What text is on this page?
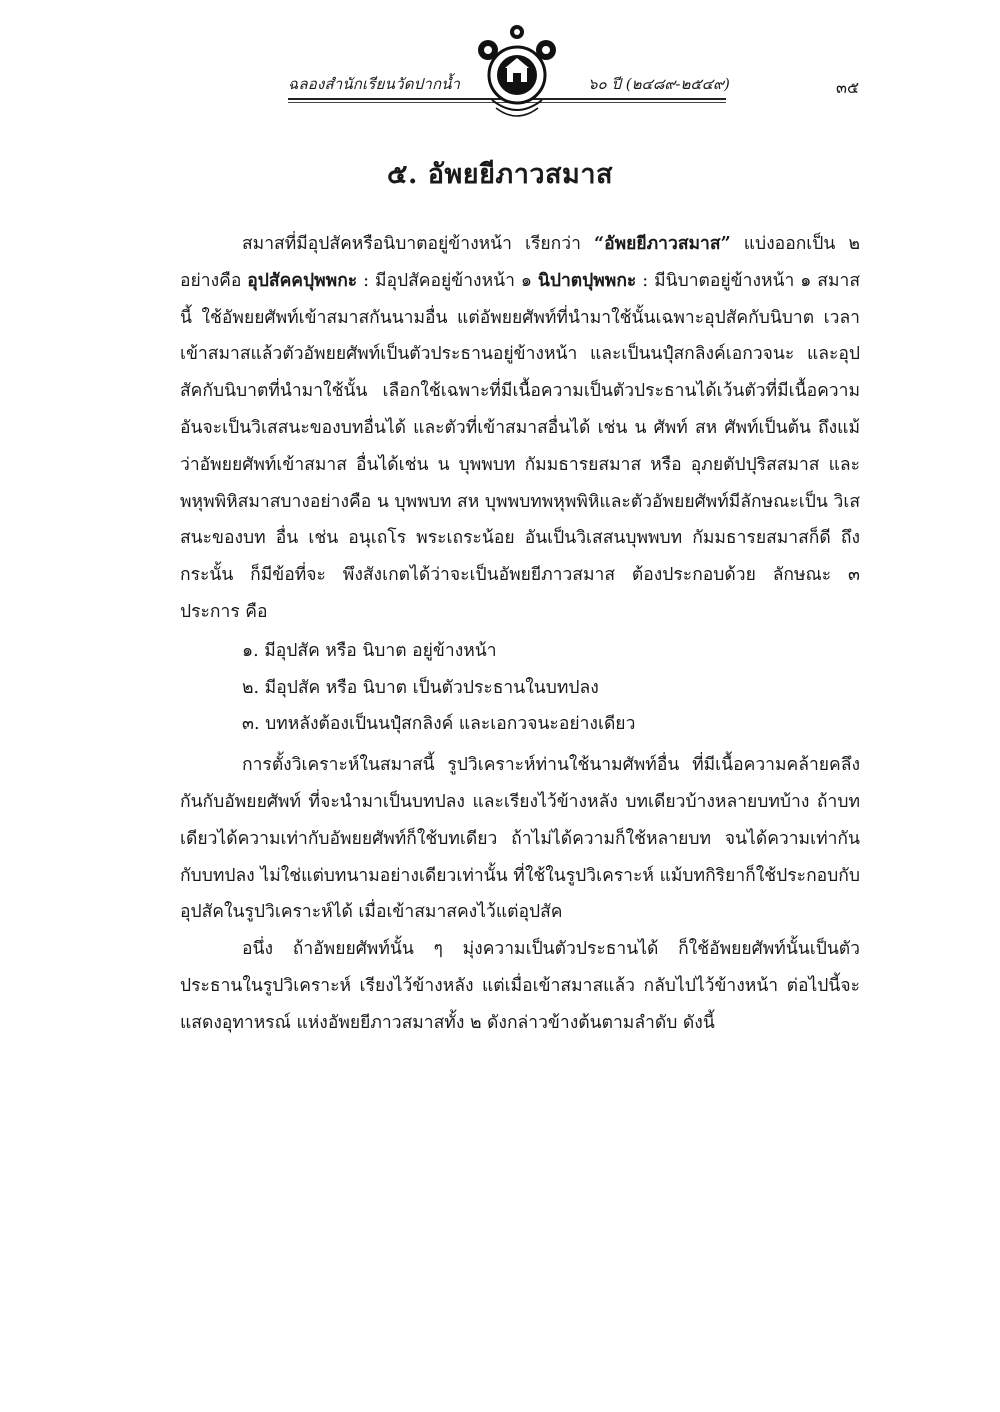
ฉลองสำนักเรียนวัดปากน้ำ	๖๐ ปี (๒๔๘๙-๒๕๔๙)	๓๕
๕. อัพยยีภาวสมาส

สมาสที่มีอุปสัคหรือนิบาตอยู่ข้างหน้า เรียกว่า “อัพยยีภาวสมาส” แบ่งออกเป็น ๒ อย่างคือ อุปสัคคปุพพกะ : มีอุปสัคอยู่ข้างหน้า ๑ นิปาตปุพพกะ : มีนิบาตอยู่ข้างหน้า ๑ สมาสนี้ ใช้อัพยยศัพท์เข้าสมาสกันนามอื่น แต่อัพยยศัพท์ที่นำมาใช้นั้นเฉพาะอุปสัคกับนิบาต เวลาเข้าสมาสแล้วตัวอัพยยศัพท์เป็นตัวประธานอยู่ข้างหน้า และเป็นนปุํสกลิงค์เอกวจนะ และอุปสัคกับนิบาตที่นำมาใช้นั้น เลือกใช้เฉพาะที่มีเนื้อความเป็นตัวประธานได้เว้นตัวที่มีเนื้อความอันจะเป็นวิเสสนะของบทอื่นได้ และตัวที่เข้าสมาสอื่นได้ เช่น น ศัพท์ สห ศัพท์เป็นต้น ถึงแม้ว่าอัพยยศัพท์เข้าสมาส อื่นได้เช่น น บุพพบท กัมมธารยสมาส หรือ อุภยตัปปุริสสมาส และ พหุพพิหิสมาสบางอย่างคือ น บุพพบท สห บุพพบทพหุพพิหิและตัวอัพยยศัพท์มีลักษณะเป็น วิเสสนะของบท อื่น เช่น อนุเถโร พระเถระน้อย อันเป็นวิเสสนบุพพบท กัมมธารยสมาสก็ดี ถึงกระนั้น ก็มีข้อที่จะ พึงสังเกตได้ว่าจะเป็นอัพยยีภาวสมาส ต้องประกอบด้วย ลักษณะ ๓ ประการ คือ

๑. มีอุปสัค หรือ นิบาต อยู่ข้างหน้า
๒. มีอุปสัค หรือ นิบาต เป็นตัวประธานในบทปลง
๓. บทหลังต้องเป็นนปุํสกลิงค์ และเอกวจนะอย่างเดียว

การตั้งวิเคราะห์ในสมาสนี้ รูปวิเคราะห์ท่านใช้นามศัพท์อื่น ที่มีเนื้อความคล้ายคลึง กันกับอัพยยศัพท์ ที่จะนำมาเป็นบทปลง และเรียงไว้ข้างหลัง บทเดียวบ้างหลายบทบ้าง ถ้าบทเดียวได้ความเท่ากับอัพยยศัพท์ก็ใช้บทเดียว ถ้าไม่ได้ความก็ใช้หลายบท จนได้ความเท่ากันกับบทปลง ไม่ใช่แต่บทนามอย่างเดียวเท่านั้น ที่ใช้ในรูปวิเคราะห์ แม้บทกิริยาก็ใช้ประกอบกับอุปสัคในรูปวิเคราะห์ได้ เมื่อเข้าสมาสคงไว้แต่อุปสัค

อนึ่ง ถ้าอัพยยศัพท์นั้น ๆ มุ่งความเป็นตัวประธานได้ ก็ใช้อัพยยศัพท์นั้นเป็นตัวประธานในรูปวิเคราะห์ เรียงไว้ข้างหลัง แต่เมื่อเข้าสมาสแล้ว กลับไปไว้ข้างหน้า ต่อไปนี้จะแสดงอุทาหรณ์ แห่งอัพยยีภาวสมาสทั้ง ๒ ดังกล่าวข้างต้นตามลำดับ ดังนี้
